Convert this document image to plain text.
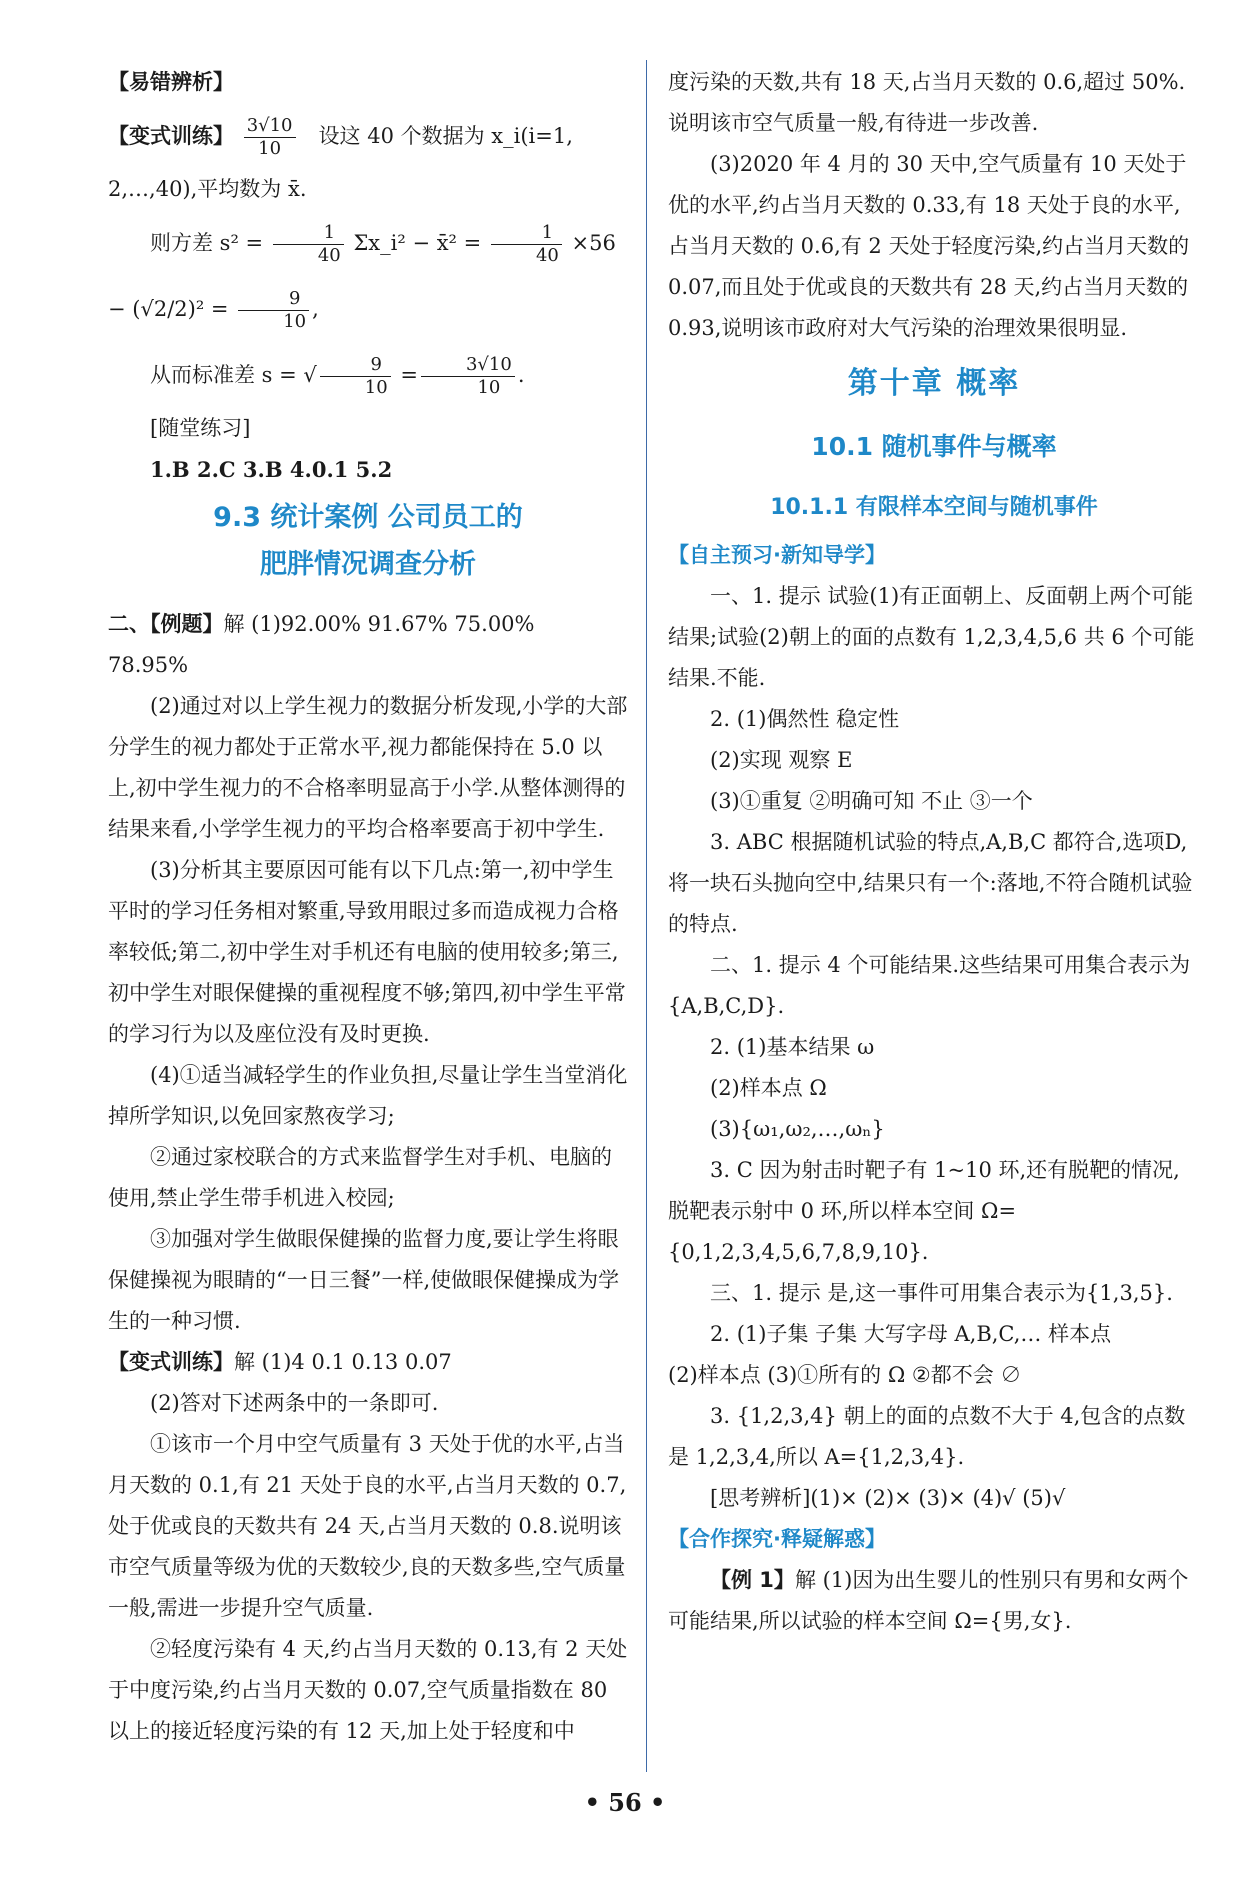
【易错辨析】

【变式训练】 $\frac{3√10}{10}$ 设这 40 个数据为 x_i(i=1,

2,…,40),平均数为 x̄.

则方差 $s^2 = \frac{1}{40}$ Σx_i² − x̄² = $\frac{1}{40} \times 56 - (√2/2)^2 = \frac{9}{10}$ ,

从而标准差 s = √ $\frac{9}{10} = \frac{3√10}{10}$ .

[随堂练习]

1.B 2.C 3.B 4.0.1 5.2

9.3 统计案例 公司员工的
肥胖情况调查分析

二、【例题】解 (1)92.00% 91.67% 75.00%

78.95%

(2)通过对以上学生视力的数据分析发现,小学的大部分学生的视力都处于正常水平,视力都能保持在 5.0 以上,初中学生视力的不合格率明显高于小学.从整体测得的结果来看,小学学生视力的平均合格率要高于初中学生.

(3)分析其主要原因可能有以下几点:第一,初中学生平时的学习任务相对繁重,导致用眼过多而造成视力合格率较低;第二,初中学生对手机还有电脑的使用较多;第三,初中学生对眼保健操的重视程度不够;第四,初中学生平常的学习行为以及座位没有及时更换.

(4)①适当减轻学生的作业负担,尽量让学生当堂消化掉所学知识,以免回家熬夜学习;

②通过家校联合的方式来监督学生对手机、电脑的使用,禁止学生带手机进入校园;

③加强对学生做眼保健操的监督力度,要让学生将眼保健操视为眼睛的“一日三餐”一样,使做眼保健操成为学生的一种习惯.

【变式训练】解 (1)4 0.1 0.13 0.07

(2)答对下述两条中的一条即可.

①该市一个月中空气质量有 3 天处于优的水平,占当月天数的 0.1,有 21 天处于良的水平,占当月天数的 0.7,处于优或良的天数共有 24 天,占当月天数的 0.8.说明该市空气质量等级为优的天数较少,良的天数多些,空气质量一般,需进一步提升空气质量.

②轻度污染有 4 天,约占当月天数的 0.13,有 2 天处于中度污染,约占当月天数的 0.07,空气质量指数在 80 以上的接近轻度污染的有 12 天,加上处于轻度和中

度污染的天数,共有 18 天,占当月天数的 0.6,超过 50%.说明该市空气质量一般,有待进一步改善.

(3)2020 年 4 月的 30 天中,空气质量有 10 天处于优的水平,约占当月天数的 0.33,有 18 天处于良的水平,占当月天数的 0.6,有 2 天处于轻度污染,约占当月天数的 0.07,而且处于优或良的天数共有 28 天,约占当月天数的 0.93,说明该市政府对大气污染的治理效果很明显.

第十章 概率
10.1 随机事件与概率
10.1.1 有限样本空间与随机事件

【自主预习·新知导学】

一、1. 提示 试验(1)有正面朝上、反面朝上两个可能结果;试验(2)朝上的面的点数有 1,2,3,4,5,6 共 6 个可能结果.不能.

2. (1)偶然性 稳定性

(2)实现 观察 E

(3)①重复 ②明确可知 不止 ③一个

3. ABC 根据随机试验的特点,A,B,C 都符合,选项D,将一块石头抛向空中,结果只有一个:落地,不符合随机试验的特点.

二、1. 提示 4 个可能结果.这些结果可用集合表示为{A,B,C,D}.

2. (1)基本结果 ω

(2)样本点 Ω

(3){ω₁,ω₂,…,ωₙ}

3. C 因为射击时靶子有 1~10 环,还有脱靶的情况,脱靶表示射中 0 环,所以样本空间 Ω={0,1,2,3,4,5,6,7,8,9,10}.

三、1. 提示 是,这一事件可用集合表示为{1,3,5}.

2. (1)子集 子集 大写字母 A,B,C,… 样本点

(2)样本点 (3)①所有的 Ω ②都不会 ∅

3. {1,2,3,4} 朝上的面的点数不大于 4,包含的点数是 1,2,3,4,所以 A={1,2,3,4}.

[思考辨析](1)× (2)× (3)× (4)√ (5)√

【合作探究·释疑解惑】

【例 1】解 (1)因为出生婴儿的性别只有男和女两个可能结果,所以试验的样本空间 Ω={男,女}.

• 56 •
